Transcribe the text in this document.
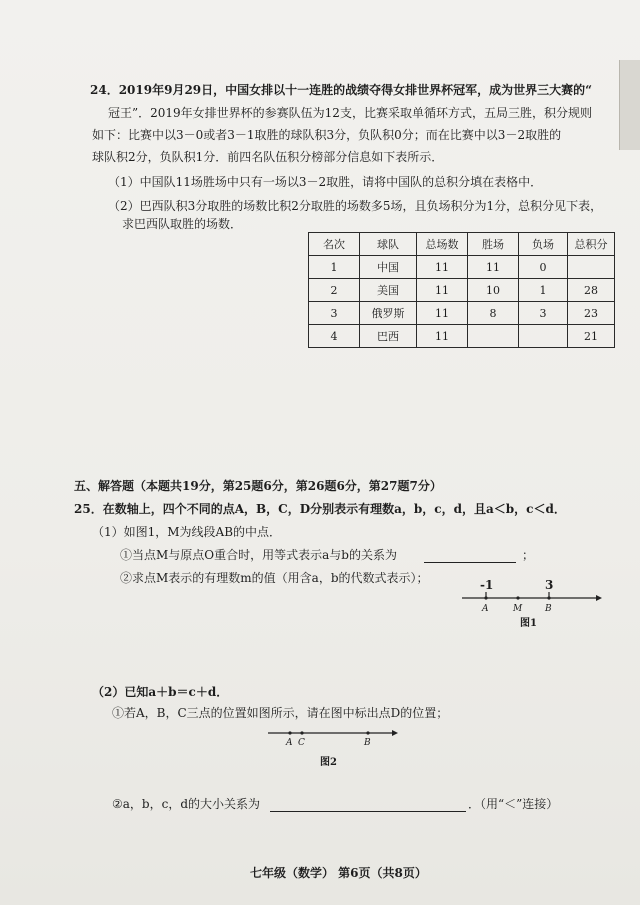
24．2019年9月29日，中国女排以十一连胜的战绩夺得女排世界杯冠军，成为世界三大赛的“
冠王”．2019年女排世界杯的参赛队伍为12支，比赛采取单循环方式，五局三胜，积分规则
如下：比赛中以3－0或者3－1取胜的球队积3分，负队积0分；而在比赛中以3－2取胜的
球队积2分，负队积1分．前四名队伍积分榜部分信息如下表所示．
（1）中国队11场胜场中只有一场以3－2取胜，请将中国队的总积分填在表格中．
（2）巴西队积3分取胜的场数比积2分取胜的场数多5场，且负场积分为1分，总积分见下表，
求巴西队取胜的场数．
名次	球队	总场数	胜场	负场	总积分
1	中国	11	11	0	
2	美国	11	10	1	28
3	俄罗斯	11	8	3	23
4	巴西	11			21
五、解答题（本题共19分，第25题6分，第26题6分，第27题7分）
25．在数轴上，四个不同的点A，B，C，D分别表示有理数a，b，c，d，且a＜b，c＜d．
（1）如图1，M为线段AB的中点．
①当点M与原点O重合时，用等式表示a与b的关系为	；
②求点M表示的有理数m的值（用含a，b的代数式表示）；	-1	3
A	M	B
图1
（2）已知a＋b＝c＋d．
①若A，B，C三点的位置如图所示，请在图中标出点D的位置；
A C	B
图2
②a，b，c，d的大小关系为	．（用“＜”连接）
七年级（数学） 第6页（共8页）
